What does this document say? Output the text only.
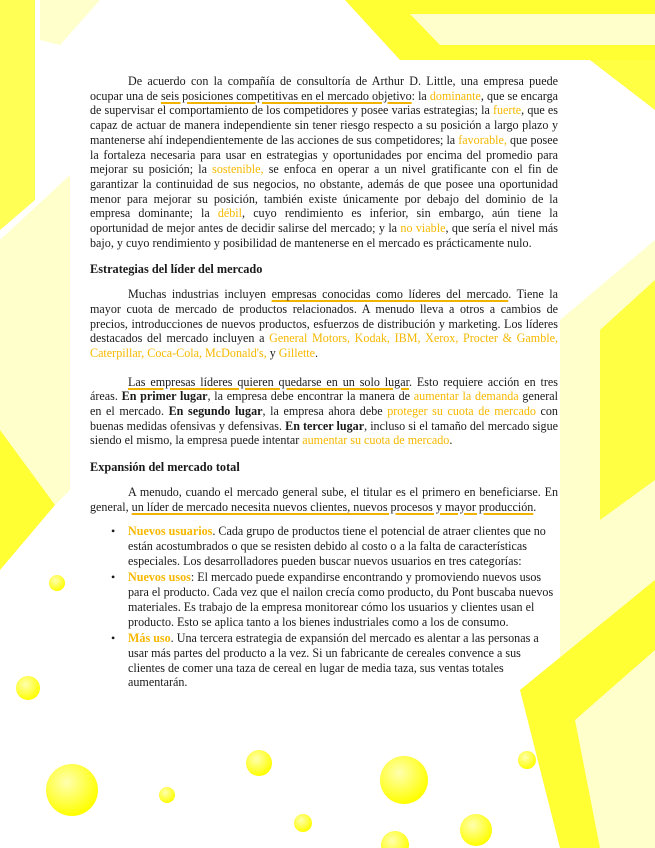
De acuerdo con la compañía de consultoría de Arthur D. Little, una empresa puede ocupar una de seis posiciones competitivas en el mercado objetivo: la dominante, que se encarga de supervisar el comportamiento de los competidores y posee varias estrategias; la fuerte, que es capaz de actuar de manera independiente sin tener riesgo respecto a su posición a largo plazo y mantenerse ahí independientemente de las acciones de sus competidores; la favorable, que posee la fortaleza necesaria para usar en estrategias y oportunidades por encima del promedio para mejorar su posición; la sostenible, se enfoca en operar a un nivel gratificante con el fin de garantizar la continuidad de sus negocios, no obstante, además de que posee una oportunidad menor para mejorar su posición, también existe únicamente por debajo del dominio de la empresa dominante; la débil, cuyo rendimiento es inferior, sin embargo, aún tiene la oportunidad de mejor antes de decidir salirse del mercado; y la no viable, que sería el nivel más bajo, y cuyo rendimiento y posibilidad de mantenerse en el mercado es prácticamente nulo.

Estrategias del líder del mercado

Muchas industrias incluyen empresas conocidas como líderes del mercado. Tiene la mayor cuota de mercado de productos relacionados. A menudo lleva a otros a cambios de precios, introducciones de nuevos productos, esfuerzos de distribución y marketing. Los líderes destacados del mercado incluyen a General Motors, Kodak, IBM, Xerox, Procter & Gamble, Caterpillar, Coca-Cola, McDonald's, y Gillette.

Las empresas líderes quieren quedarse en un solo lugar. Esto requiere acción en tres áreas. En primer lugar, la empresa debe encontrar la manera de aumentar la demanda general en el mercado. En segundo lugar, la empresa ahora debe proteger su cuota de mercado con buenas medidas ofensivas y defensivas. En tercer lugar, incluso si el tamaño del mercado sigue siendo el mismo, la empresa puede intentar aumentar su cuota de mercado.

Expansión del mercado total

A menudo, cuando el mercado general sube, el titular es el primero en beneficiarse. En general, un líder de mercado necesita nuevos clientes, nuevos procesos y mayor producción.

• Nuevos usuarios. Cada grupo de productos tiene el potencial de atraer clientes que no están acostumbrados o que se resisten debido al costo o a la falta de características especiales. Los desarrolladores pueden buscar nuevos usuarios en tres categorías:
• Nuevos usos: El mercado puede expandirse encontrando y promoviendo nuevos usos para el producto. Cada vez que el nailon crecía como producto, du Pont buscaba nuevos materiales. Es trabajo de la empresa monitorear cómo los usuarios y clientes usan el producto. Esto se aplica tanto a los bienes industriales como a los de consumo.
• Más uso. Una tercera estrategia de expansión del mercado es alentar a las personas a usar más partes del producto a la vez. Si un fabricante de cereales convence a sus clientes de comer una taza de cereal en lugar de media taza, sus ventas totales aumentarán.
